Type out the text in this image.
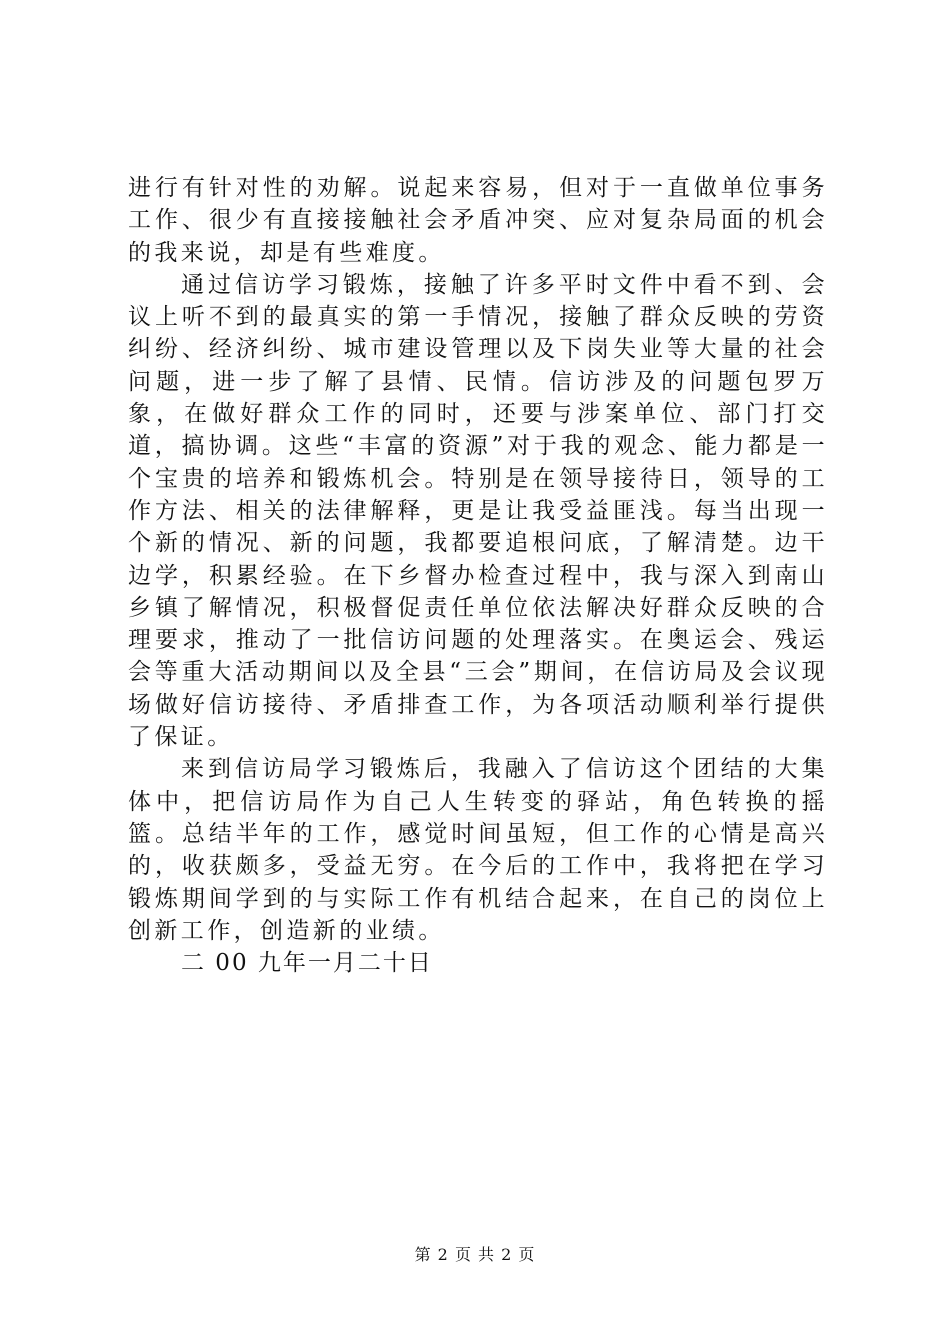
进行有针对性的劝解。说起来容易，但对于一直做单位事务工作、很少有直接接触社会矛盾冲突、应对复杂局面的机会的我来说，却是有些难度。

通过信访学习锻炼，接触了许多平时文件中看不到、会议上听不到的最真实的第一手情况，接触了群众反映的劳资纠纷、经济纠纷、城市建设管理以及下岗失业等大量的社会问题，进一步了解了县情、民情。信访涉及的问题包罗万象，在做好群众工作的同时，还要与涉案单位、部门打交道，搞协调。这些“丰富的资源”对于我的观念、能力都是一个宝贵的培养和锻炼机会。特别是在领导接待日，领导的工作方法、相关的法律解释，更是让我受益匪浅。每当出现一个新的情况、新的问题，我都要追根问底，了解清楚。边干边学，积累经验。在下乡督办检查过程中，我与深入到南山乡镇了解情况，积极督促责任单位依法解决好群众反映的合理要求，推动了一批信访问题的处理落实。在奥运会、残运会等重大活动期间以及全县“三会”期间，在信访局及会议现场做好信访接待、矛盾排查工作，为各项活动顺利举行提供了保证。

来到信访局学习锻炼后，我融入了信访这个团结的大集体中，把信访局作为自己人生转变的驿站，角色转换的摇篮。总结半年的工作，感觉时间虽短，但工作的心情是高兴的，收获颇多，受益无穷。在今后的工作中，我将把在学习锻炼期间学到的与实际工作有机结合起来，在自己的岗位上创新工作，创造新的业绩。

二 00 九年一月二十日

第 2 页 共 2 页
